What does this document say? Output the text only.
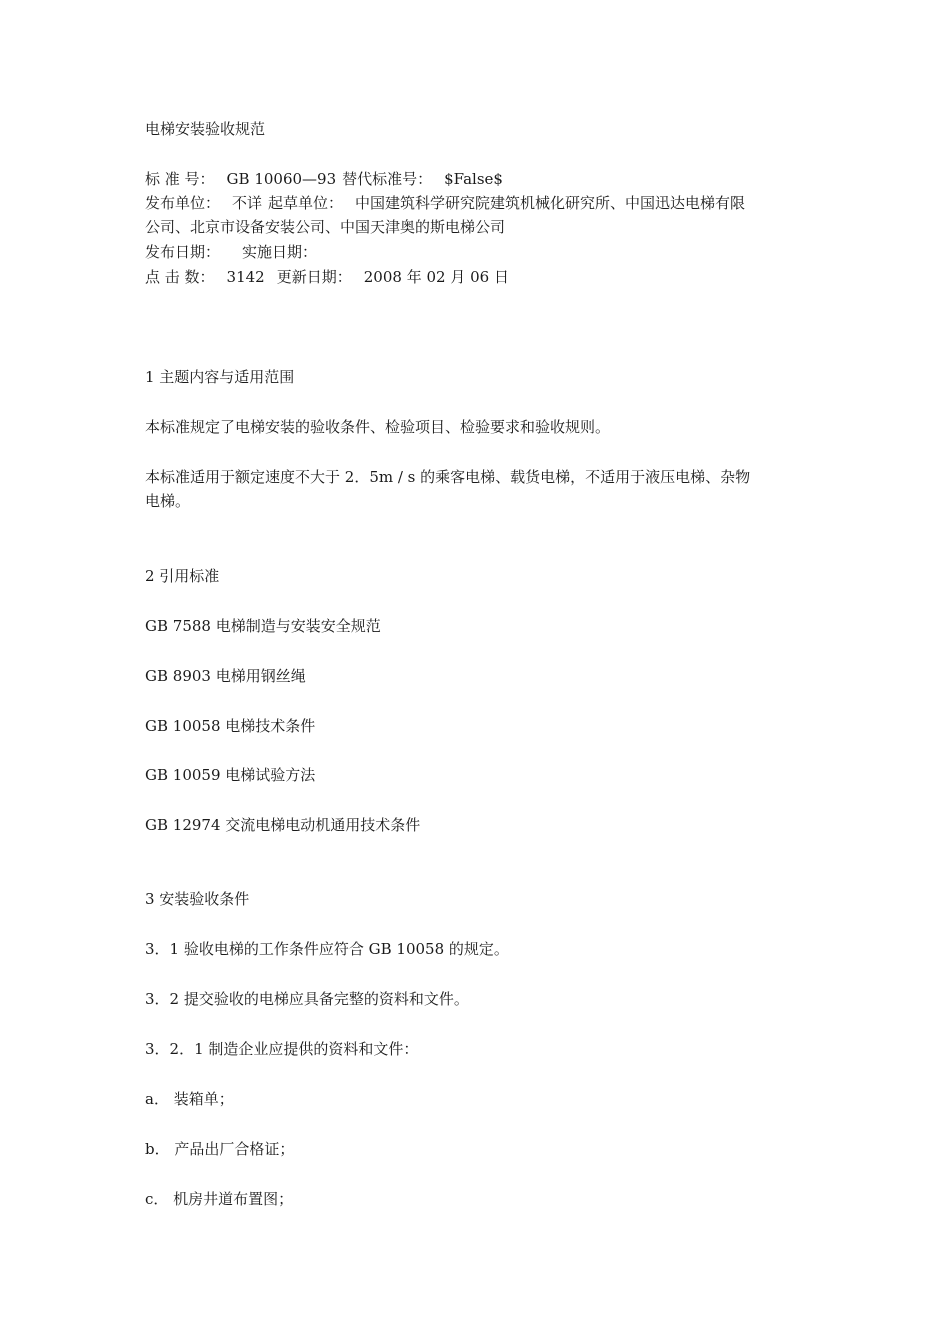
电梯安装验收规范
标 准 号： GB 10060—93 替代标准号： $False$
发布单位： 不详 起草单位： 中国建筑科学研究院建筑机械化研究所、中国迅达电梯有限
公司、北京市设备安装公司、中国天津奥的斯电梯公司
发布日期： 实施日期：
点 击 数： 3142 更新日期： 2008 年 02 月 06 日
1 主题内容与适用范围
本标准规定了电梯安装的验收条件、检验项目、检验要求和验收规则。
本标准适用于额定速度不大于 2．5m / s 的乘客电梯、载货电梯，不适用于液压电梯、杂物
电梯。
2 引用标准
GB 7588 电梯制造与安装安全规范
GB 8903 电梯用钢丝绳
GB 10058 电梯技术条件
GB 10059 电梯试验方法
GB 12974 交流电梯电动机通用技术条件
3 安装验收条件
3．1 验收电梯的工作条件应符合 GB 10058 的规定。
3．2 提交验收的电梯应具备完整的资料和文件。
3．2．1 制造企业应提供的资料和文件：
a． 装箱单；
b． 产品出厂合格证；
c． 机房井道布置图；
